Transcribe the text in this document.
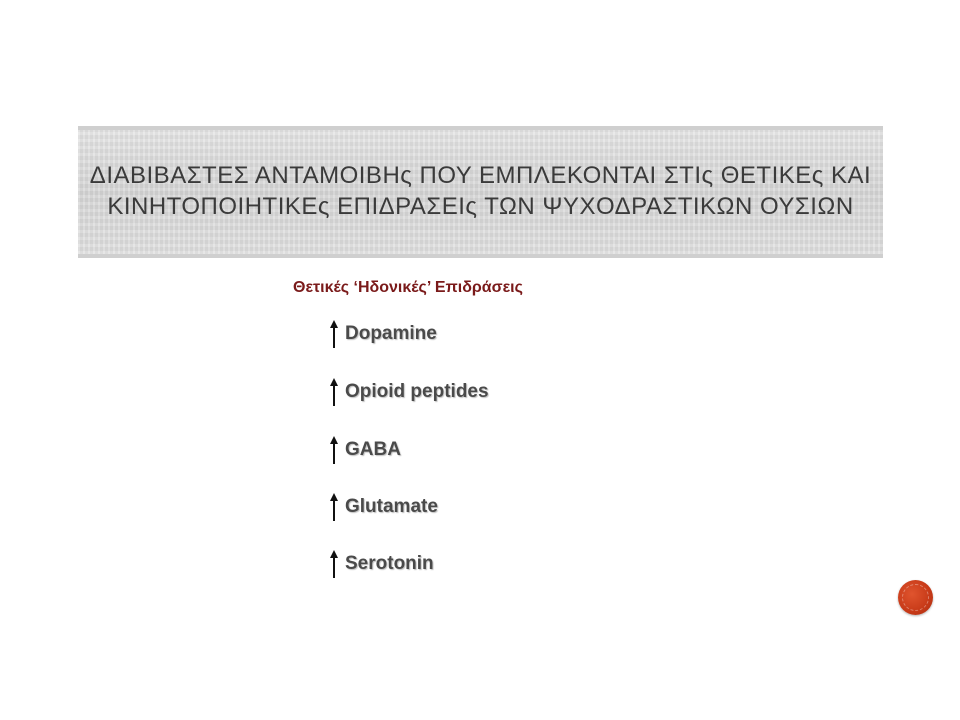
ΔΙΑΒΙΒΑΣΤΕΣ ΑΝΤΑΜΟΙΒΗς ΠΟΥ ΕΜΠΛΕΚΟΝΤΑΙ ΣΤΙς ΘΕΤΙΚΕς ΚΑΙ
ΚΙΝΗΤΟΠΟΙΗΤΙΚΕς ΕΠΙΔΡΑΣΕΙς ΤΩΝ ΨΥΧΟΔΡΑΣΤΙΚΩΝ ΟΥΣΙΩΝ
Θετικές ‘Ηδονικές’ Επιδράσεις
Dopamine
Opioid peptides
GABA
Glutamate
Serotonin
